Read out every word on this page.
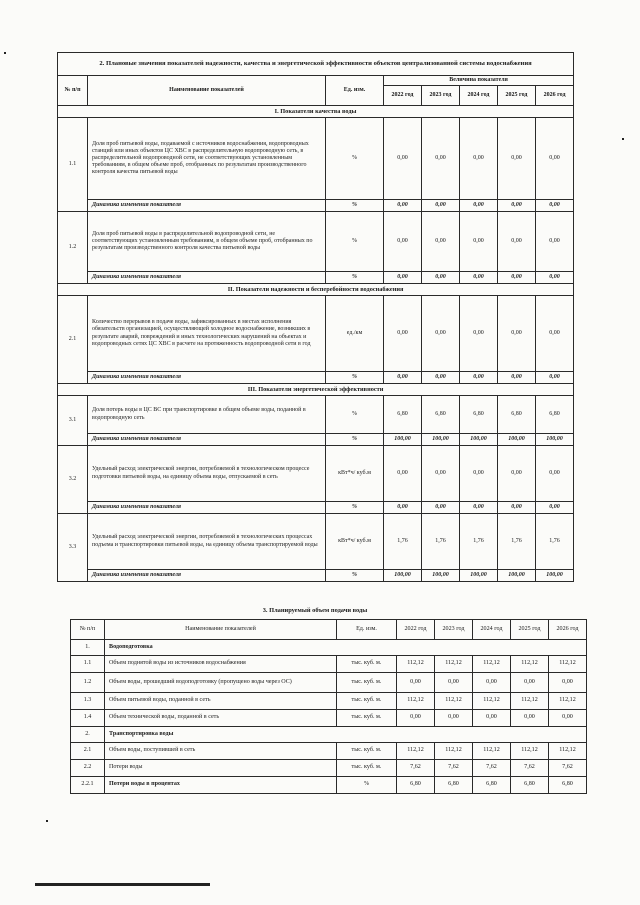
2. Плановые значения показателей надежности, качества и энергетической эффективности объектов централизованной системы водоснабжения							
№ п/п	Наименование показателей	Ед. изм.	Величина показателя				
			2022 год	2023 год	2024 год	2025 год	2026 год
I. Показатели качества воды							
1.1	Доля проб питьевой воды, подаваемой с источников водоснабжения, водопроводных станций или иных объектов ЦС ХВС в распределительную водопроводную сеть, в распределительной водопроводной сети, не соответствующих установленным требованиям, в общем объеме проб, отобранных по результатам производственного контроля качества питьевой воды	%	0,00	0,00	0,00	0,00	0,00
	Динамика изменения показателя	%	0,00	0,00	0,00	0,00	0,00
1.2	Доля проб питьевой воды в распределительной водопроводной сети, не соответствующих установленным требованиям, в общем объеме проб, отобранных по результатам производственного контроля качества питьевой воды	%	0,00	0,00	0,00	0,00	0,00
	Динамика изменения показателя	%	0,00	0,00	0,00	0,00	0,00
II. Показатели надежности и бесперебойности водоснабжения							
2.1	Количество перерывов в подаче воды, зафиксированных в местах исполнения обязательств организацией, осуществляющей холодное водоснабжение, возникших в результате аварий, повреждений и иных технологических нарушений на объектах и водопроводных сетях ЦС ХВС в расчете на протяженность водопроводной сети в год	ед./км	0,00	0,00	0,00	0,00	0,00
	Динамика изменения показателя	%	0,00	0,00	0,00	0,00	0,00
III. Показатели энергетической эффективности							
3.1	Доля потерь воды в ЦС ВС при транспортировке в общем объеме воды, поданной в водопроводную сеть	%	6,80	6,80	6,80	6,80	6,80
	Динамика изменения показателя	%	100,00	100,00	100,00	100,00	100,00
3.2	Удельный расход электрической энергии, потребляемой в технологическом процессе подготовки питьевой воды, на единицу объема воды, отпускаемой в сеть	кВт*ч/ куб.м	0,00	0,00	0,00	0,00	0,00
	Динамика изменения показателя	%	0,00	0,00	0,00	0,00	0,00
3.3	Удельный расход электрической энергии, потребляемой в технологических процессах подъема и транспортировки питьевой воды, на единицу объема транспортируемой воды	кВт*ч/ куб.м	1,76	1,76	1,76	1,76	1,76
	Динамика изменения показателя	%	100,00	100,00	100,00	100,00	100,00
3. Планируемый объем подачи воды
№ п/п	Наименование показателей	Ед. изм.	2022 год	2023 год	2024 год	2025 год	2026 год
1.	Водоподготовка						
1.1	Объем поднятой воды из источников водоснабжения	тыс. куб. м.	112,12	112,12	112,12	112,12	112,12
1.2	Объем воды, прошедший водоподготовку (пропущено воды через ОС)	тыс. куб. м.	0,00	0,00	0,00	0,00	0,00
1.3	Объем питьевой воды, поданной в сеть	тыс. куб. м.	112,12	112,12	112,12	112,12	112,12
1.4	Объем технической воды, поданной в сеть	тыс. куб. м.	0,00	0,00	0,00	0,00	0,00
2.	Транспортировка воды						
2.1	Объем воды, поступившей в сеть	тыс. куб. м.	112,12	112,12	112,12	112,12	112,12
2.2	Потери воды	тыс. куб. м.	7,62	7,62	7,62	7,62	7,62
2.2.1	Потери воды в процентах	%	6,80	6,80	6,80	6,80	6,80
